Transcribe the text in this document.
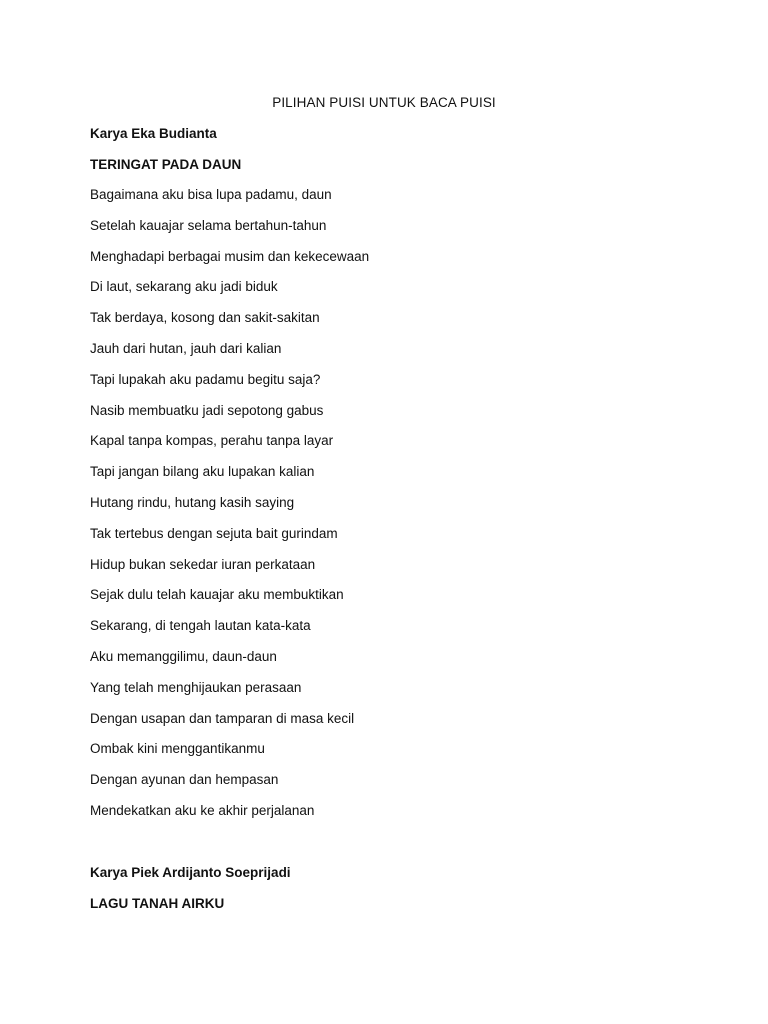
PILIHAN PUISI UNTUK BACA PUISI
Karya Eka Budianta
TERINGAT PADA DAUN
Bagaimana aku bisa lupa padamu, daun
Setelah kauajar selama bertahun-tahun
Menghadapi berbagai musim dan kekecewaan
Di laut, sekarang aku jadi biduk
Tak berdaya, kosong dan sakit-sakitan
Jauh dari hutan, jauh dari kalian
Tapi lupakah aku padamu begitu saja?
Nasib membuatku jadi sepotong gabus
Kapal tanpa kompas, perahu tanpa layar
Tapi jangan bilang aku lupakan kalian
Hutang rindu, hutang kasih saying
Tak tertebus dengan sejuta bait gurindam
Hidup bukan sekedar iuran perkataan
Sejak dulu telah kauajar aku membuktikan
Sekarang, di tengah lautan kata-kata
Aku memanggilimu, daun-daun
Yang telah menghijaukan perasaan
Dengan usapan dan tamparan di masa kecil
Ombak kini menggantikanmu
Dengan ayunan dan hempasan
Mendekatkan aku ke akhir perjalanan
Karya Piek Ardijanto Soeprijadi
LAGU TANAH AIRKU
